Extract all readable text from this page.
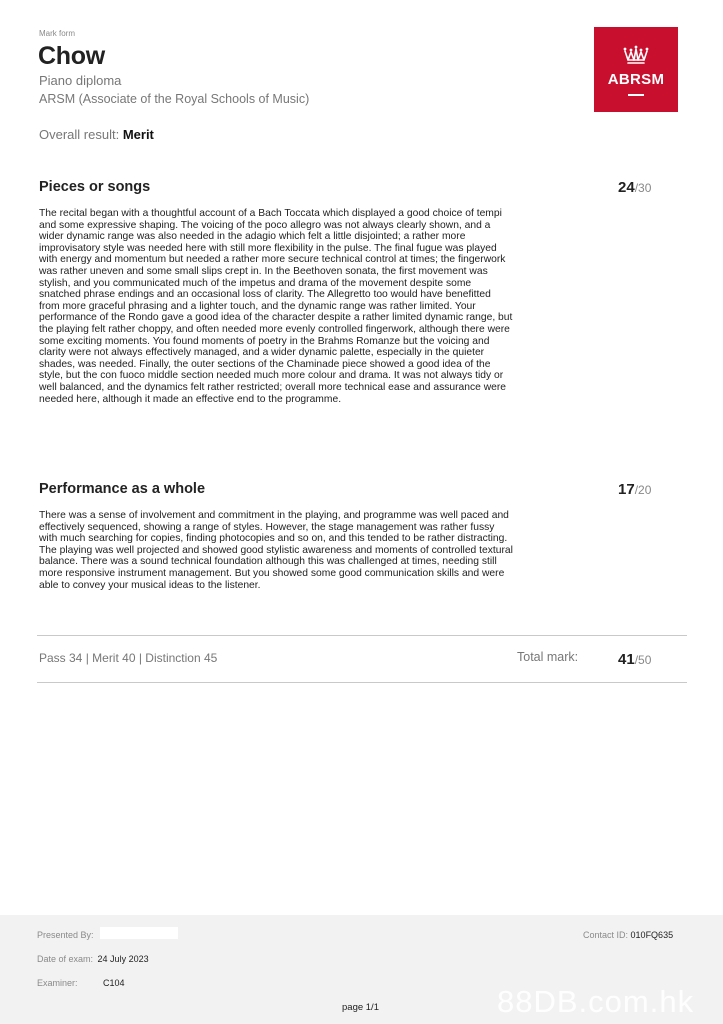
Mark form
Chow
Piano diploma
ARSM (Associate of the Royal Schools of Music)
ABRSM
Overall result: Merit
Pieces or songs	24/30

The recital began with a thoughtful account of a Bach Toccata which displayed a good choice of tempi and some expressive shaping. The voicing of the poco allegro was not always clearly shown, and a wider dynamic range was also needed in the adagio which felt a little disjointed; a rather more improvisatory style was needed here with still more flexibility in the pulse. The final fugue was played with energy and momentum but needed a rather more secure technical control at times; the fingerwork was rather uneven and some small slips crept in. In the Beethoven sonata, the first movement was stylish, and you communicated much of the impetus and drama of the movement despite some snatched phrase endings and an occasional loss of clarity. The Allegretto too would have benefitted from more graceful phrasing and a lighter touch, and the dynamic range was rather limited. Your performance of the Rondo gave a good idea of the character despite a rather limited dynamic range, but the playing felt rather choppy, and often needed more evenly controlled fingerwork, although there were some exciting moments. You found moments of poetry in the Brahms Romanze but the voicing and clarity were not always effectively managed, and a wider dynamic palette, especially in the quieter shades, was needed. Finally, the outer sections of the Chaminade piece showed a good idea of the style, but the con fuoco middle section needed much more colour and drama. It was not always tidy or well balanced, and the dynamics felt rather restricted; overall more technical ease and assurance were needed here, although it made an effective end to the programme.

Performance as a whole	17/20

There was a sense of involvement and commitment in the playing, and programme was well paced and effectively sequenced, showing a range of styles. However, the stage management was rather fussy with much searching for copies, finding photocopies and so on, and this tended to be rather distracting. The playing was well projected and showed good stylistic awareness and moments of controlled textural balance. There was a sound technical foundation although this was challenged at times, needing still more responsive instrument management. But you showed some good communication skills and were able to convey your musical ideas to the listener.

Pass 34 | Merit 40 | Distinction 45	Total mark:	41/50
Presented By:	Contact ID: 010FQ635
Date of exam: 24 July 2023
Examiner:	C104
page 1/1	88DB.com.hk
